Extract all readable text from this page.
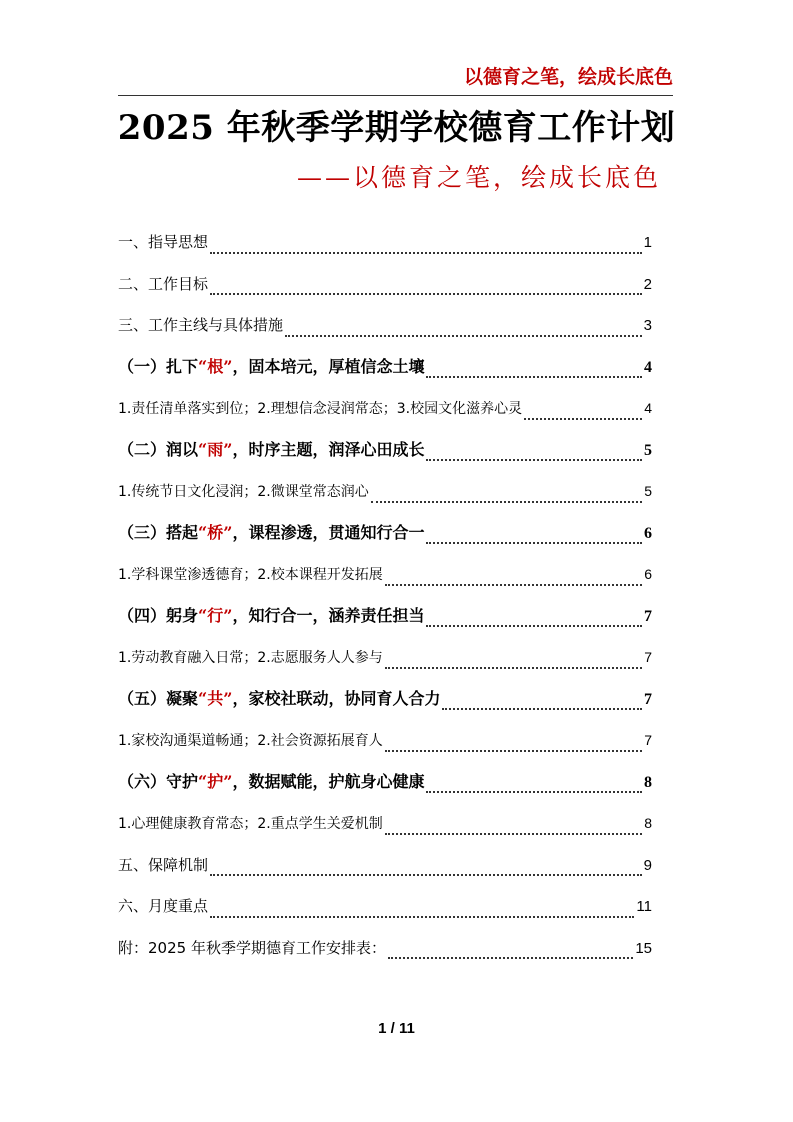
以德育之笔，绘成长底色
2025 年秋季学期学校德育工作计划
——以德育之笔，绘成长底色
一、指导思想	1
二、工作目标	2
三、工作主线与具体措施	3
（一）扎下“根”，固本培元，厚植信念土壤	4
1.责任清单落实到位；2.理想信念浸润常态；3.校园文化滋养心灵	4
（二）润以“雨”，时序主题，润泽心田成长	5
1.传统节日文化浸润；2.微课堂常态润心	5
（三）搭起“桥”，课程渗透，贯通知行合一	6
1.学科课堂渗透德育；2.校本课程开发拓展	6
（四）躬身“行”，知行合一，涵养责任担当	7
1.劳动教育融入日常；2.志愿服务人人参与	7
（五）凝聚“共”，家校社联动，协同育人合力	7
1.家校沟通渠道畅通；2.社会资源拓展育人	7
（六）守护“护”，数据赋能，护航身心健康	8
1.心理健康教育常态；2.重点学生关爱机制	8
五、保障机制	9
六、月度重点	11
附：2025 年秋季学期德育工作安排表：	15
1 / 11
